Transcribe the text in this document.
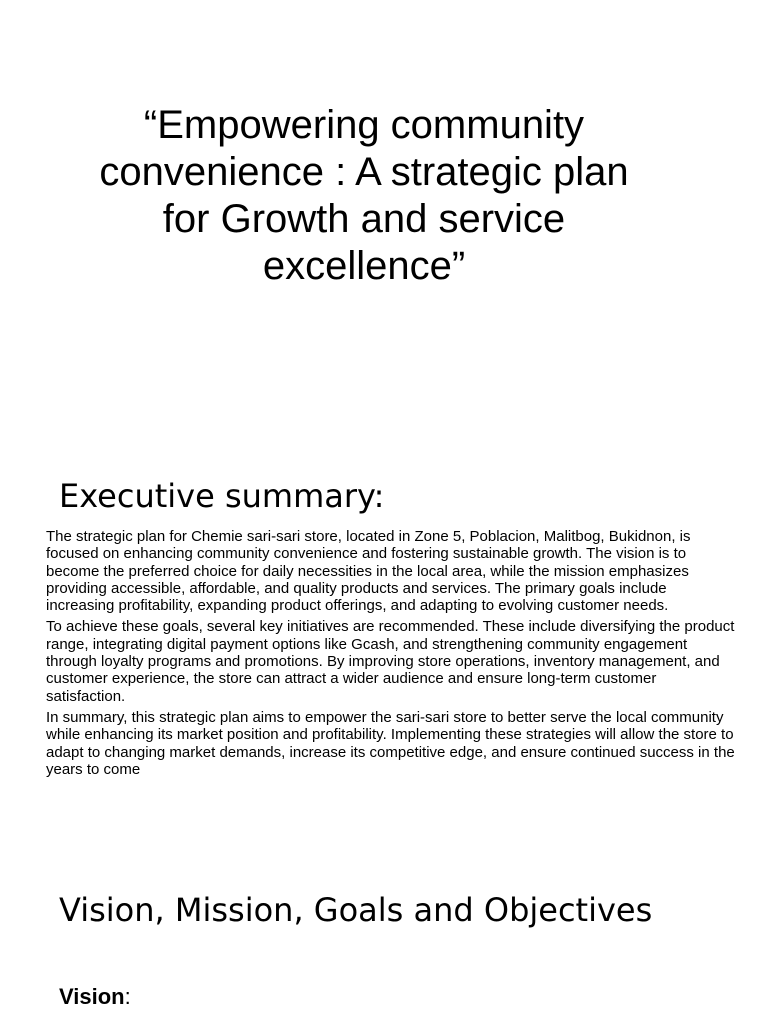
“Empowering community convenience : A strategic plan for Growth and service excellence”
Executive summary:

The strategic plan for Chemie sari-sari store, located in Zone 5, Poblacion, Malitbog, Bukidnon, is focused on enhancing community convenience and fostering sustainable growth. The vision is to become the preferred choice for daily necessities in the local area, while the mission emphasizes providing accessible, affordable, and quality products and services. The primary goals include increasing profitability, expanding product offerings, and adapting to evolving customer needs.

To achieve these goals, several key initiatives are recommended. These include diversifying the product range, integrating digital payment options like Gcash, and strengthening community engagement through loyalty programs and promotions. By improving store operations, inventory management, and customer experience, the store can attract a wider audience and ensure long-term customer satisfaction.

In summary, this strategic plan aims to empower the sari-sari store to better serve the local community while enhancing its market position and profitability. Implementing these strategies will allow the store to adapt to changing market demands, increase its competitive edge, and ensure continued success in the years to come

Vision, Mission, Goals and Objectives
Vision:
